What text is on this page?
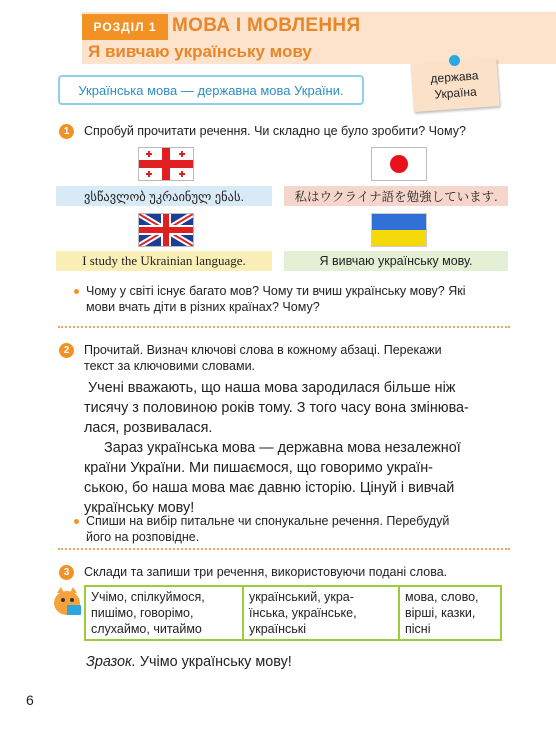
РОЗДІЛ 1 МОВА І МОВЛЕННЯ
Я вивчаю українську мову
Українська мова — державна мова України.
держава
Україна
1	Спробуй прочитати речення. Чи складно це було зробити? Чому?
ვსწავლობ უკრაინულ ენას.	私はウクライナ語を勉強しています.
I study the Ukrainian language.	Я вивчаю українську мову.
Чому у світі існує багато мов? Чому ти вчиш українську мову? Які
мови вчать діти в різних країнах? Чому?
2	Прочитай. Визнач ключові слова в кожному абзаці. Перекажи
текст за ключовими словами.
Учені вважають, що наша мова зародилася більше ніж
тисячу з половиною років тому. З того часу вона змінюва-
лася, розвивалася.
Зараз українська мова — державна мова незалежної
країни України. Ми пишаємося, що говоримо україн-
ською, бо наша мова має давню історію. Цінуй і вивчай
українську мову!
Спиши на вибір питальне чи спонукальне речення. Перебудуй
його на розповідне.
3	Склади та запиши три речення, використовуючи подані слова.
Учімо, спілкуймося,
пишімо, говорімо,
слухаймо, читаймо

український, укра-
їнська, українське,
українські

мова, слово,
вірші, казки,
пісні
Зразок. Учімо українську мову!
6
